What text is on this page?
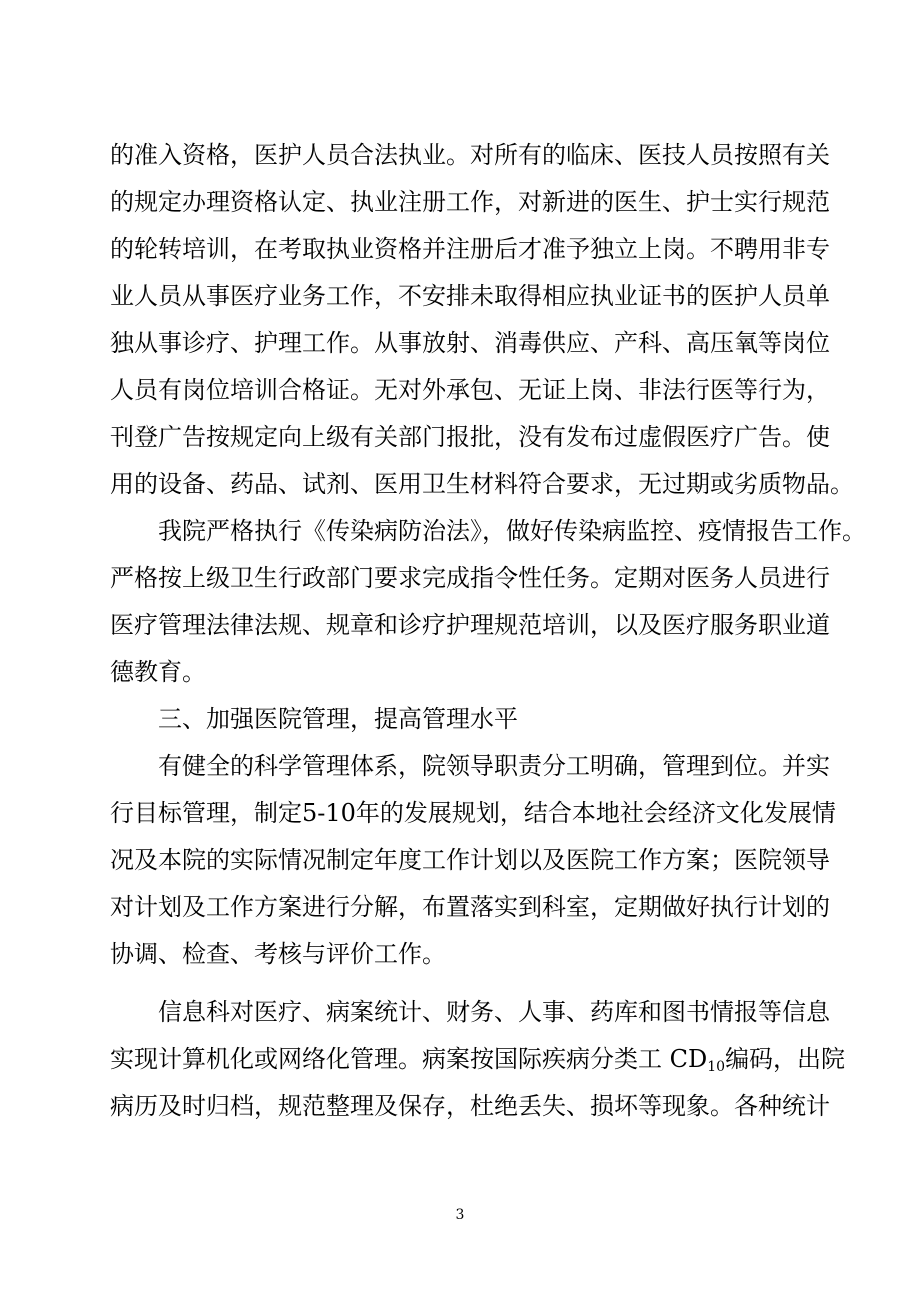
的准入资格，医护人员合法执业。对所有的临床、医技人员按照有关
的规定办理资格认定、执业注册工作，对新进的医生、护士实行规范
的轮转培训，在考取执业资格并注册后才准予独立上岗。不聘用非专
业人员从事医疗业务工作，不安排未取得相应执业证书的医护人员单
独从事诊疗、护理工作。从事放射、消毒供应、产科、高压氧等岗位
人员有岗位培训合格证。无对外承包、无证上岗、非法行医等行为，
刊登广告按规定向上级有关部门报批，没有发布过虚假医疗广告。使
用的设备、药品、试剂、医用卫生材料符合要求，无过期或劣质物品。
　　我院严格执行《传染病防治法》，做好传染病监控、疫情报告工作。
严格按上级卫生行政部门要求完成指令性任务。定期对医务人员进行
医疗管理法律法规、规章和诊疗护理规范培训，以及医疗服务职业道
德教育。
　　三、加强医院管理，提高管理水平
　　有健全的科学管理体系，院领导职责分工明确，管理到位。并实
行目标管理，制定5-10年的发展规划，结合本地社会经济文化发展情
况及本院的实际情况制定年度工作计划以及医院工作方案；医院领导
对计划及工作方案进行分解，布置落实到科室，定期做好执行计划的
协调、检查、考核与评价工作。
　　信息科对医疗、病案统计、财务、人事、药库和图书情报等信息
实现计算机化或网络化管理。病案按国际疾病分类工 $CD_{10}$编码，出院
病历及时归档，规范整理及保存，杜绝丢失、损坏等现象。各种统计
3
